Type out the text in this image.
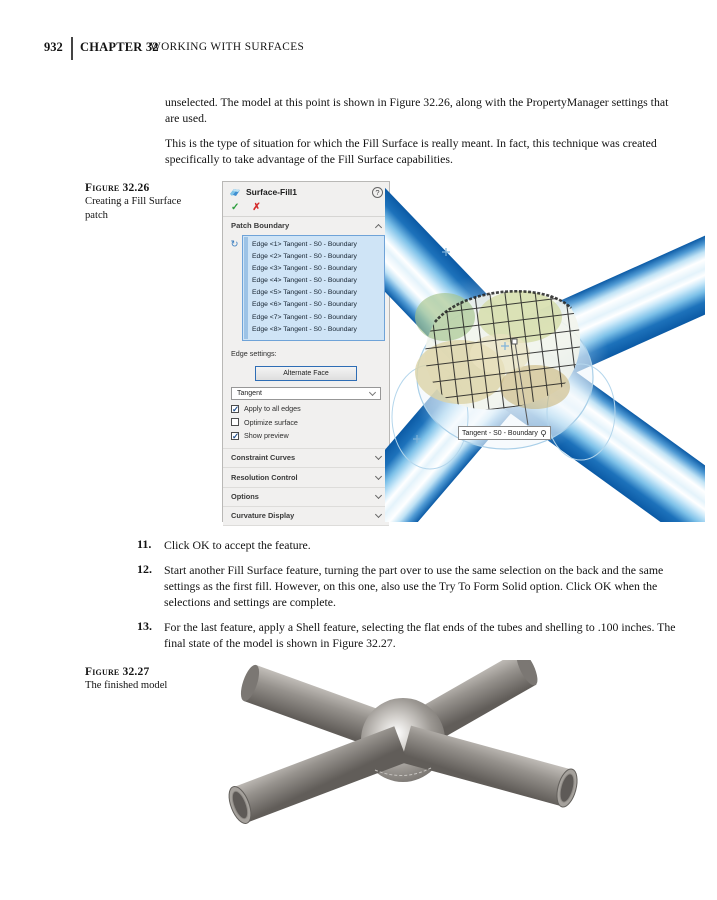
932 CHAPTER 32
WORKING WITH SURFACES

unselected. The model at this point is shown in Figure 32.26, along with the PropertyManager settings that are used.

This is the type of situation for which the Fill Surface is really meant. In fact, this technique was created specifically to take advantage of the Fill Surface capabilities.

Figure 32.26
Creating a Fill Surface patch
Surface-Fill1	?
✓ ✗
Patch Boundary
↻	Edge <1> Tangent - S0 - Boundary
Edge <2> Tangent - S0 - Boundary
Edge <3> Tangent - S0 - Boundary
Edge <4> Tangent - S0 - Boundary
Edge <5> Tangent - S0 - Boundary
Edge <6> Tangent - S0 - Boundary
Edge <7> Tangent - S0 - Boundary
Edge <8> Tangent - S0 - Boundary
Edge settings:
Alternate Face
Tangent
✓ Apply to all edges
Optimize surface
✓ Show preview
Constraint Curves
Resolution Control
Options
Curvature Display
Tangent - S0 - Boundary
11.	Click OK to accept the feature.
12.	Start another Fill Surface feature, turning the part over to use the same selection on the back and the same settings as the first fill. However, on this one, also use the Try To Form Solid option. Click OK when the selections and settings are complete.
13.	For the last feature, apply a Shell feature, selecting the flat ends of the tubes and shelling to .100 inches. The final state of the model is shown in Figure 32.27.
Figure 32.27
The finished model
